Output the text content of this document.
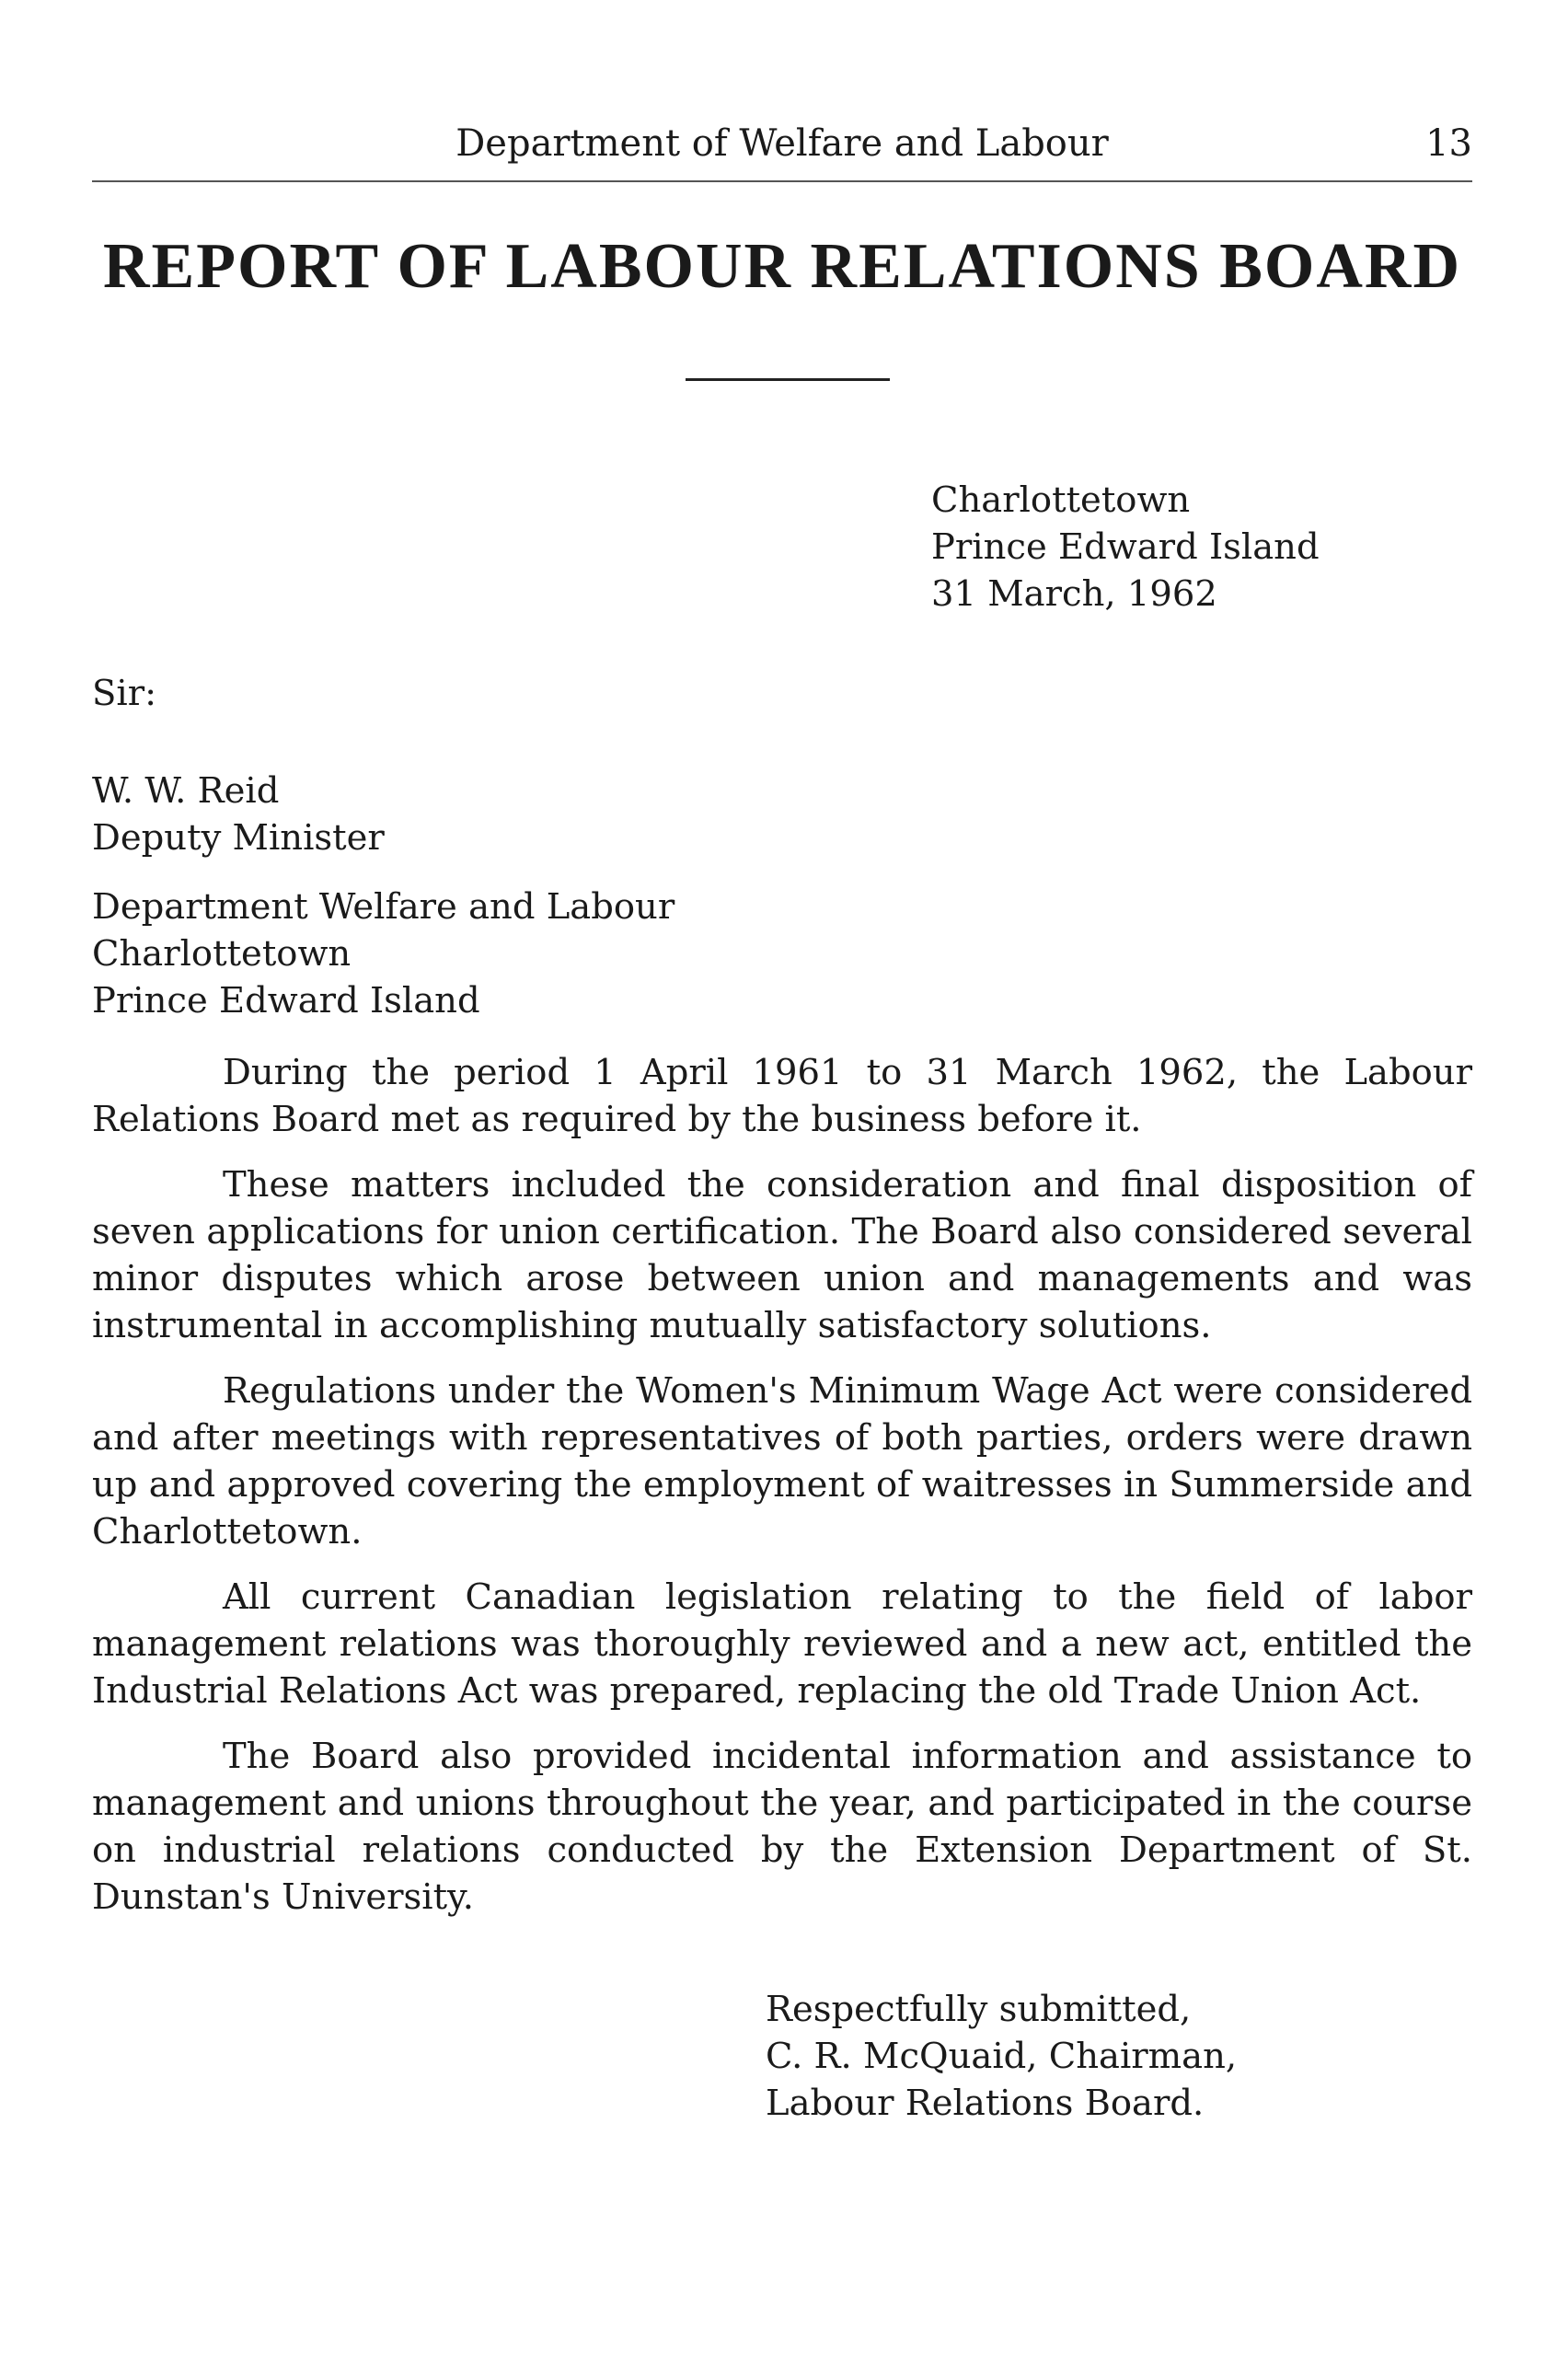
Department of Welfare and Labour	13
REPORT OF LABOUR RELATIONS BOARD
Charlottetown
Prince Edward Island
31 March, 1962
Sir:
W. W. Reid
Deputy Minister
Department Welfare and Labour
Charlottetown
Prince Edward Island

During the period 1 April 1961 to 31 March 1962, the Labour Relations Board met as required by the business before it.

These matters included the consideration and final disposition of seven applications for union certification. The Board also considered several minor disputes which arose between union and managements and was instrumental in accomplishing mutually satisfactory solutions.

Regulations under the Women's Minimum Wage Act were considered and after meetings with representatives of both parties, orders were drawn up and approved covering the employment of waitresses in Summerside and Charlottetown.

All current Canadian legislation relating to the field of labor management relations was thoroughly reviewed and a new act, entitled the Industrial Relations Act was prepared, replacing the old Trade Union Act.

The Board also provided incidental information and assistance to management and unions throughout the year, and participated in the course on industrial relations conducted by the Extension Department of St. Dunstan's University.

Respectfully submitted,
C. R. McQuaid, Chairman,
Labour Relations Board.
